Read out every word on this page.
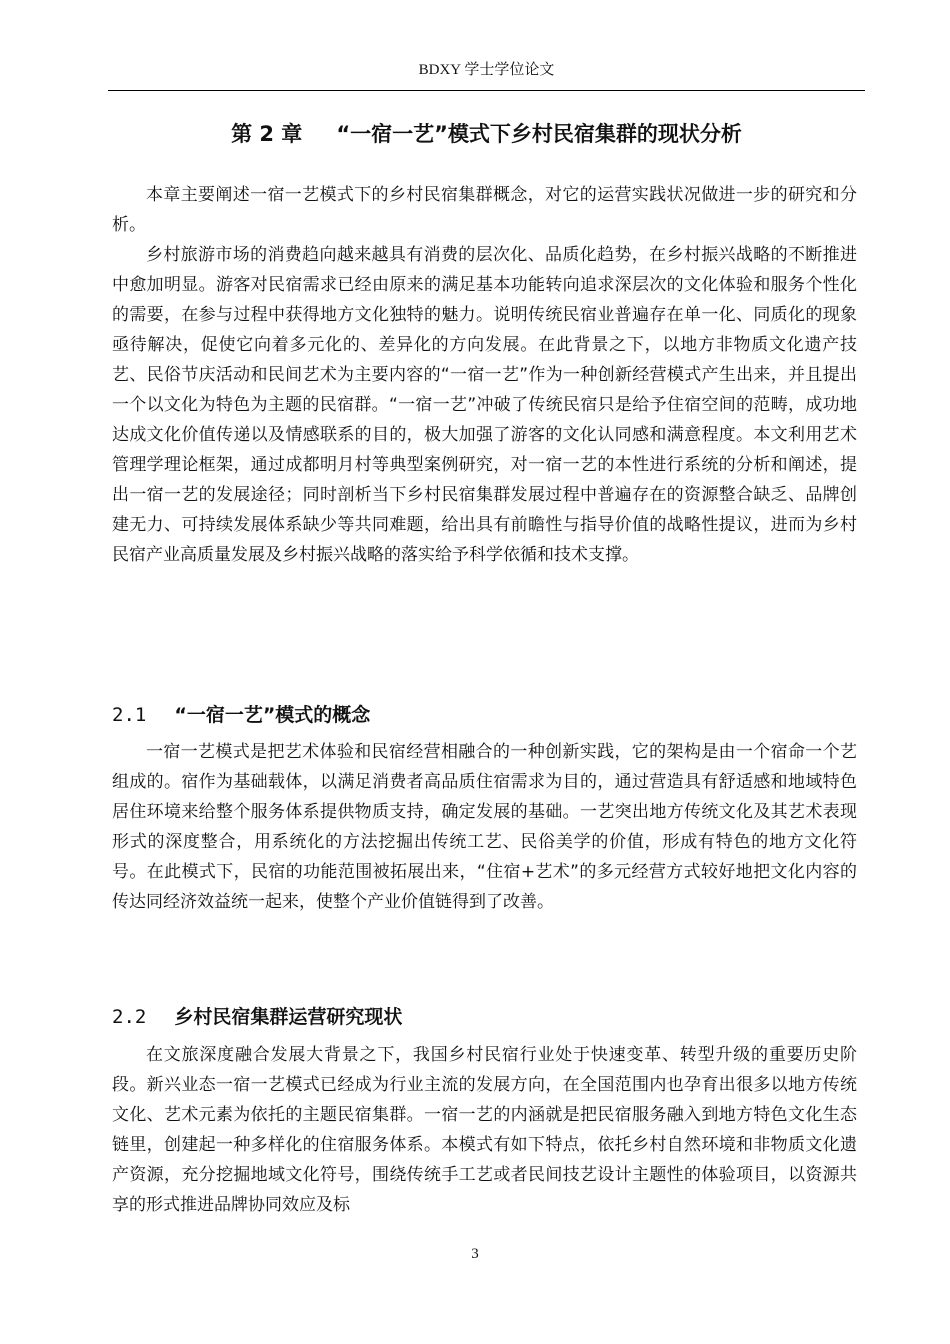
BDXY 学士学位论文
第 2 章 “一宿一艺”模式下乡村民宿集群的现状分析

本章主要阐述一宿一艺模式下的乡村民宿集群概念，对它的运营实践状况做进一步的研究和分析。

乡村旅游市场的消费趋向越来越具有消费的层次化、品质化趋势，在乡村振兴战略的不断推进中愈加明显。游客对民宿需求已经由原来的满足基本功能转向追求深层次的文化体验和服务个性化的需要，在参与过程中获得地方文化独特的魅力。说明传统民宿业普遍存在单一化、同质化的现象亟待解决，促使它向着多元化的、差异化的方向发展。在此背景之下，以地方非物质文化遗产技艺、民俗节庆活动和民间艺术为主要内容的“一宿一艺”作为一种创新经营模式产生出来，并且提出一个以文化为特色为主题的民宿群。“一宿一艺”冲破了传统民宿只是给予住宿空间的范畴，成功地达成文化价值传递以及情感联系的目的，极大加强了游客的文化认同感和满意程度。本文利用艺术管理学理论框架，通过成都明月村等典型案例研究，对一宿一艺的本性进行系统的分析和阐述，提出一宿一艺的发展途径；同时剖析当下乡村民宿集群发展过程中普遍存在的资源整合缺乏、品牌创建无力、可持续发展体系缺少等共同难题，给出具有前瞻性与指导价值的战略性提议，进而为乡村民宿产业高质量发展及乡村振兴战略的落实给予科学依循和技术支撑。

2.1 “一宿一艺”模式的概念

一宿一艺模式是把艺术体验和民宿经营相融合的一种创新实践，它的架构是由一个宿命一个艺组成的。宿作为基础载体，以满足消费者高品质住宿需求为目的，通过营造具有舒适感和地域特色居住环境来给整个服务体系提供物质支持，确定发展的基础。一艺突出地方传统文化及其艺术表现形式的深度整合，用系统化的方法挖掘出传统工艺、民俗美学的价值，形成有特色的地方文化符号。在此模式下，民宿的功能范围被拓展出来，“住宿+艺术”的多元经营方式较好地把文化内容的传达同经济效益统一起来，使整个产业价值链得到了改善。

2.2 乡村民宿集群运营研究现状

在文旅深度融合发展大背景之下，我国乡村民宿行业处于快速变革、转型升级的重要历史阶段。新兴业态一宿一艺模式已经成为行业主流的发展方向，在全国范围内也孕育出很多以地方传统文化、艺术元素为依托的主题民宿集群。一宿一艺的内涵就是把民宿服务融入到地方特色文化生态链里，创建起一种多样化的住宿服务体系。本模式有如下特点，依托乡村自然环境和非物质文化遗产资源，充分挖掘地域文化符号，围绕传统手工艺或者民间技艺设计主题性的体验项目，以资源共享的形式推进品牌协同效应及标

3
